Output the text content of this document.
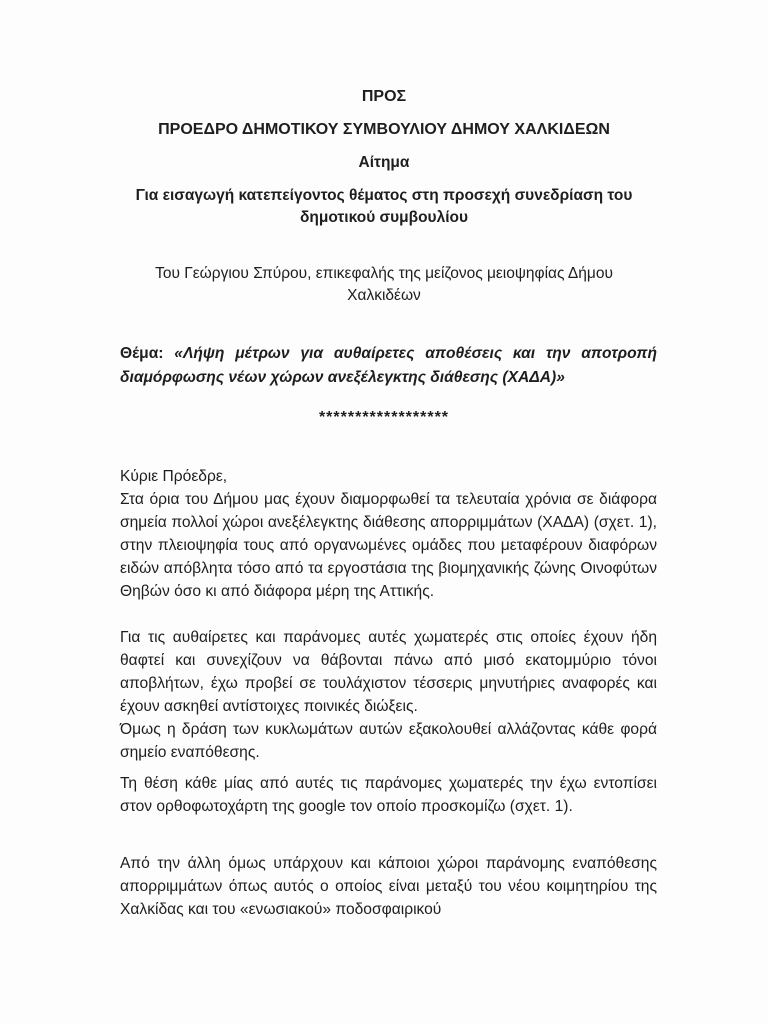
ΠΡΟΣ

ΠΡΟΕΔΡΟ ΔΗΜΟΤΙΚΟΥ ΣΥΜΒΟΥΛΙΟΥ ΔΗΜΟΥ ΧΑΛΚΙΔΕΩΝ

Αίτημα

Για εισαγωγή κατεπείγοντος θέματος στη προσεχή συνεδρίαση του

δημοτικού συμβουλίου

Του Γεώργιου Σπύρου, επικεφαλής της μείζονος μειοψηφίας Δήμου

Χαλκιδέων

Θέμα: «Λήψη μέτρων για αυθαίρετες αποθέσεις και την αποτροπή διαμόρφωσης νέων χώρων ανεξέλεγκτης διάθεσης (ΧΑΔΑ)»

******************

Κύριε Πρόεδρε,

Στα όρια του Δήμου μας έχουν διαμορφωθεί τα τελευταία χρόνια σε διάφορα σημεία πολλοί χώροι ανεξέλεγκτης διάθεσης απορριμμάτων (ΧΑΔΑ) (σχετ. 1), στην πλειοψηφία τους από οργανωμένες ομάδες που μεταφέρουν διαφόρων ειδών απόβλητα τόσο από τα εργοστάσια της βιομηχανικής ζώνης Οινοφύτων Θηβών όσο κι από διάφορα μέρη της Αττικής.

Για τις αυθαίρετες και παράνομες αυτές χωματερές στις οποίες έχουν ήδη θαφτεί και συνεχίζουν να θάβονται πάνω από μισό εκατομμύριο τόνοι αποβλήτων, έχω προβεί σε τουλάχιστον τέσσερις μηνυτήριες αναφορές και έχουν ασκηθεί αντίστοιχες ποινικές διώξεις.

Όμως η δράση των κυκλωμάτων αυτών εξακολουθεί αλλάζοντας κάθε φορά σημείο εναπόθεσης.

Τη θέση κάθε μίας από αυτές τις παράνομες χωματερές την έχω εντοπίσει στον ορθοφωτοχάρτη της google τον οποίο προσκομίζω (σχετ. 1).

Από την άλλη όμως υπάρχουν και κάποιοι χώροι παράνομης εναπόθεσης απορριμμάτων όπως αυτός ο οποίος είναι μεταξύ του νέου κοιμητηρίου της Χαλκίδας και του «ενωσιακού» ποδοσφαιρικού
